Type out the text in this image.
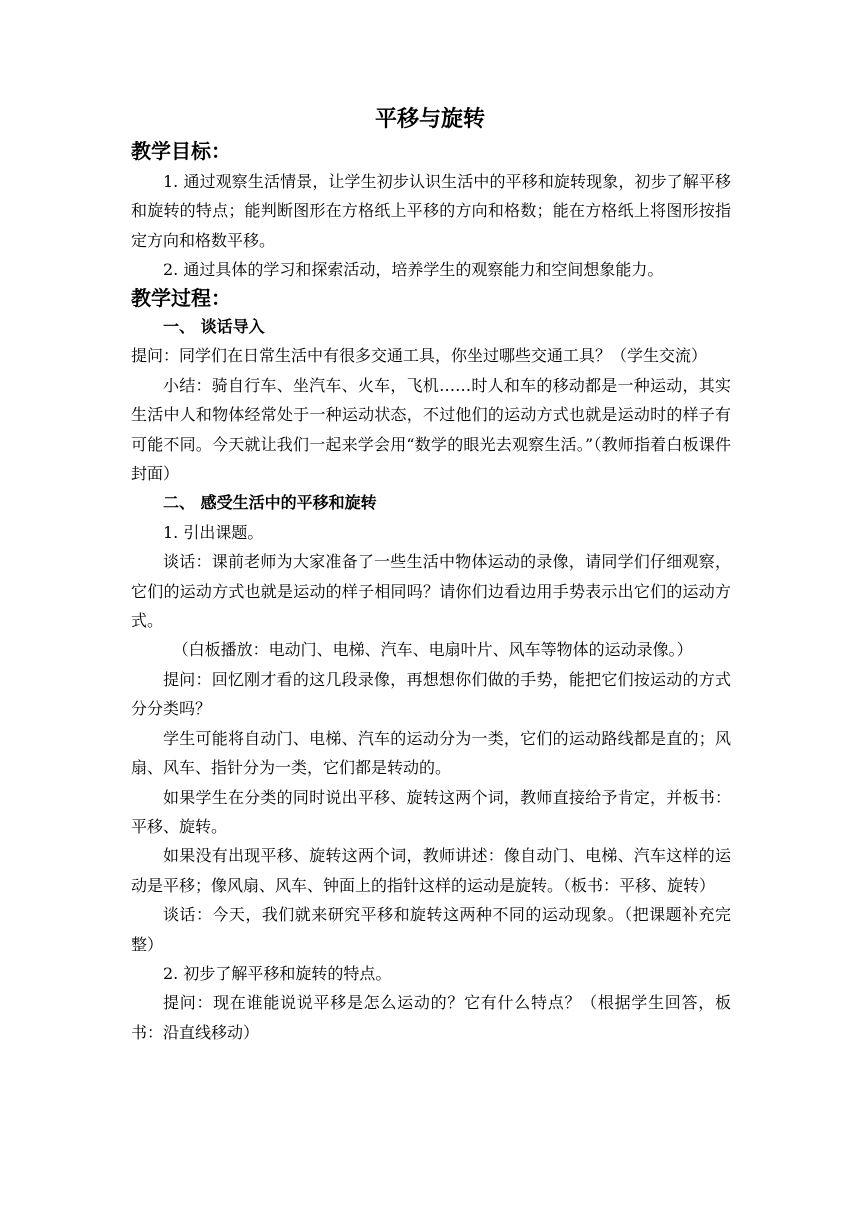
平移与旋转
教学目标：

1. 通过观察生活情景，让学生初步认识生活中的平移和旋转现象，初步了解平移和旋转的特点；能判断图形在方格纸上平移的方向和格数；能在方格纸上将图形按指定方向和格数平移。

2. 通过具体的学习和探索活动，培养学生的观察能力和空间想象能力。

教学过程：

一、 谈话导入

提问：同学们在日常生活中有很多交通工具，你坐过哪些交通工具？（学生交流）

小结：骑自行车、坐汽车、火车，飞机……时人和车的移动都是一种运动，其实生活中人和物体经常处于一种运动状态，不过他们的运动方式也就是运动时的样子有可能不同。今天就让我们一起来学会用“数学的眼光去观察生活。”（教师指着白板课件封面）

二、 感受生活中的平移和旋转

1. 引出课题。

谈话：课前老师为大家准备了一些生活中物体运动的录像，请同学们仔细观察，它们的运动方式也就是运动的样子相同吗？请你们边看边用手势表示出它们的运动方式。

（白板播放：电动门、电梯、汽车、电扇叶片、风车等物体的运动录像。）

提问：回忆刚才看的这几段录像，再想想你们做的手势，能把它们按运动的方式分分类吗？

学生可能将自动门、电梯、汽车的运动分为一类，它们的运动路线都是直的；风扇、风车、指针分为一类，它们都是转动的。

如果学生在分类的同时说出平移、旋转这两个词，教师直接给予肯定，并板书：平移、旋转。

如果没有出现平移、旋转这两个词，教师讲述：像自动门、电梯、汽车这样的运动是平移；像风扇、风车、钟面上的指针这样的运动是旋转。（板书：平移、旋转）

谈话：今天，我们就来研究平移和旋转这两种不同的运动现象。（把课题补充完整）

2. 初步了解平移和旋转的特点。

提问：现在谁能说说平移是怎么运动的？它有什么特点？（根据学生回答，板书：沿直线移动）
